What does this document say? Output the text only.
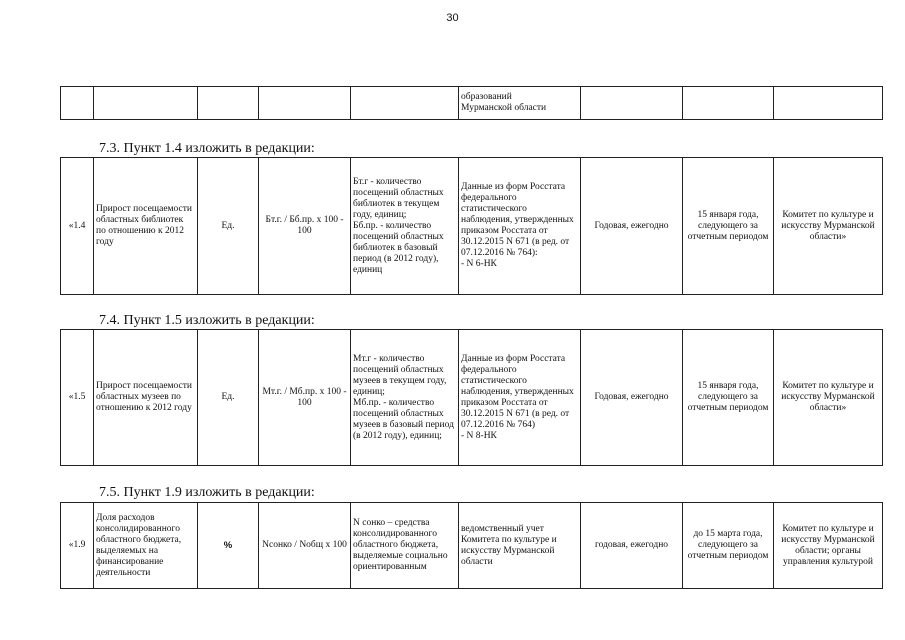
30
					образований
Мурманской области			
7.3. Пункт 1.4 изложить в редакции:
«1.4	Прирост посещаемости областных библиотек по отношению к 2012 году	Ед.	Бт.г. / Бб.пр. х 100 - 100	Бт.г - количество посещений областных библиотек в текущем году, единиц;
Бб.пр. - количество посещений областных библиотек в базовый период (в 2012 году), единиц	Данные из форм Росстата федерального статистического наблюдения, утвержденных приказом Росстата от 30.12.2015 N 671 (в ред. от 07.12.2016 № 764):
- N 6-НК	Годовая, ежегодно	15 января года, следующего за отчетным периодом	Комитет по культуре и искусству Мурманской области»
7.4. Пункт 1.5 изложить в редакции:
«1.5	Прирост посещаемости областных музеев по отношению к 2012 году	Ед.	Мт.г. / Мб.пр. х 100 - 100	Мт.г - количество посещений областных музеев в текущем году, единиц;
Мб.пр. - количество посещений областных музеев в базовый период (в 2012 году), единиц;	Данные из форм Росстата федерального статистического наблюдения, утвержденных приказом Росстата от 30.12.2015 N 671 (в ред. от 07.12.2016 № 764)
- N 8-НК	Годовая, ежегодно	15 января года, следующего за отчетным периодом	Комитет по культуре и искусству Мурманской области»
7.5. Пункт 1.9 изложить в редакции:
«1.9	Доля расходов консолидированного областного бюджета, выделяемых на финансирование деятельности	%	Nсонко / Nобщ х 100	N сонко – средства консолидированного областного бюджета, выделяемые социально ориентированным	ведомственный учет Комитета по культуре и искусству Мурманской области	годовая, ежегодно	до 15 марта года, следующего за отчетным периодом	Комитет по культуре и искусству Мурманской области; органы управления культурой
